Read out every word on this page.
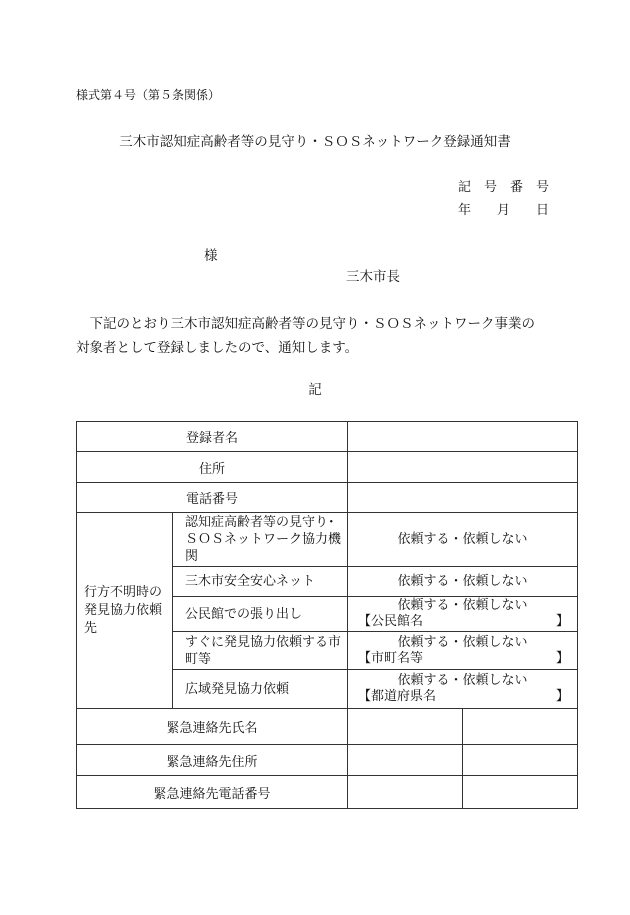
様式第４号（第５条関係）
三木市認知症高齢者等の見守り・ＳＯＳネットワーク登録通知書
記　号　番　号
年　　月　　日
様
三木市長
　下記のとおり三木市認知症高齢者等の見守り・ＳＯＳネットワーク事業の
対象者として登録しましたので、通知します。
記
登録者名			
住所			
電話番号			
行方不明時の発見協力依頼先	認知症高齢者等の見守り･ＳＯＳネットワーク協力機関	依頼する・依頼しない	
	三木市安全安心ネット	依頼する・依頼しない	
	公民館での張り出し	依頼する・依頼しない
【公民館名 】	

	すぐに発見協力依頼する市町等	依頼する・依頼しない
【市町名等 】	

	広域発見協力依頼	依頼する・依頼しない
【都道府県名 】	

緊急連絡先氏名			
緊急連絡先住所			
緊急連絡先電話番号			
